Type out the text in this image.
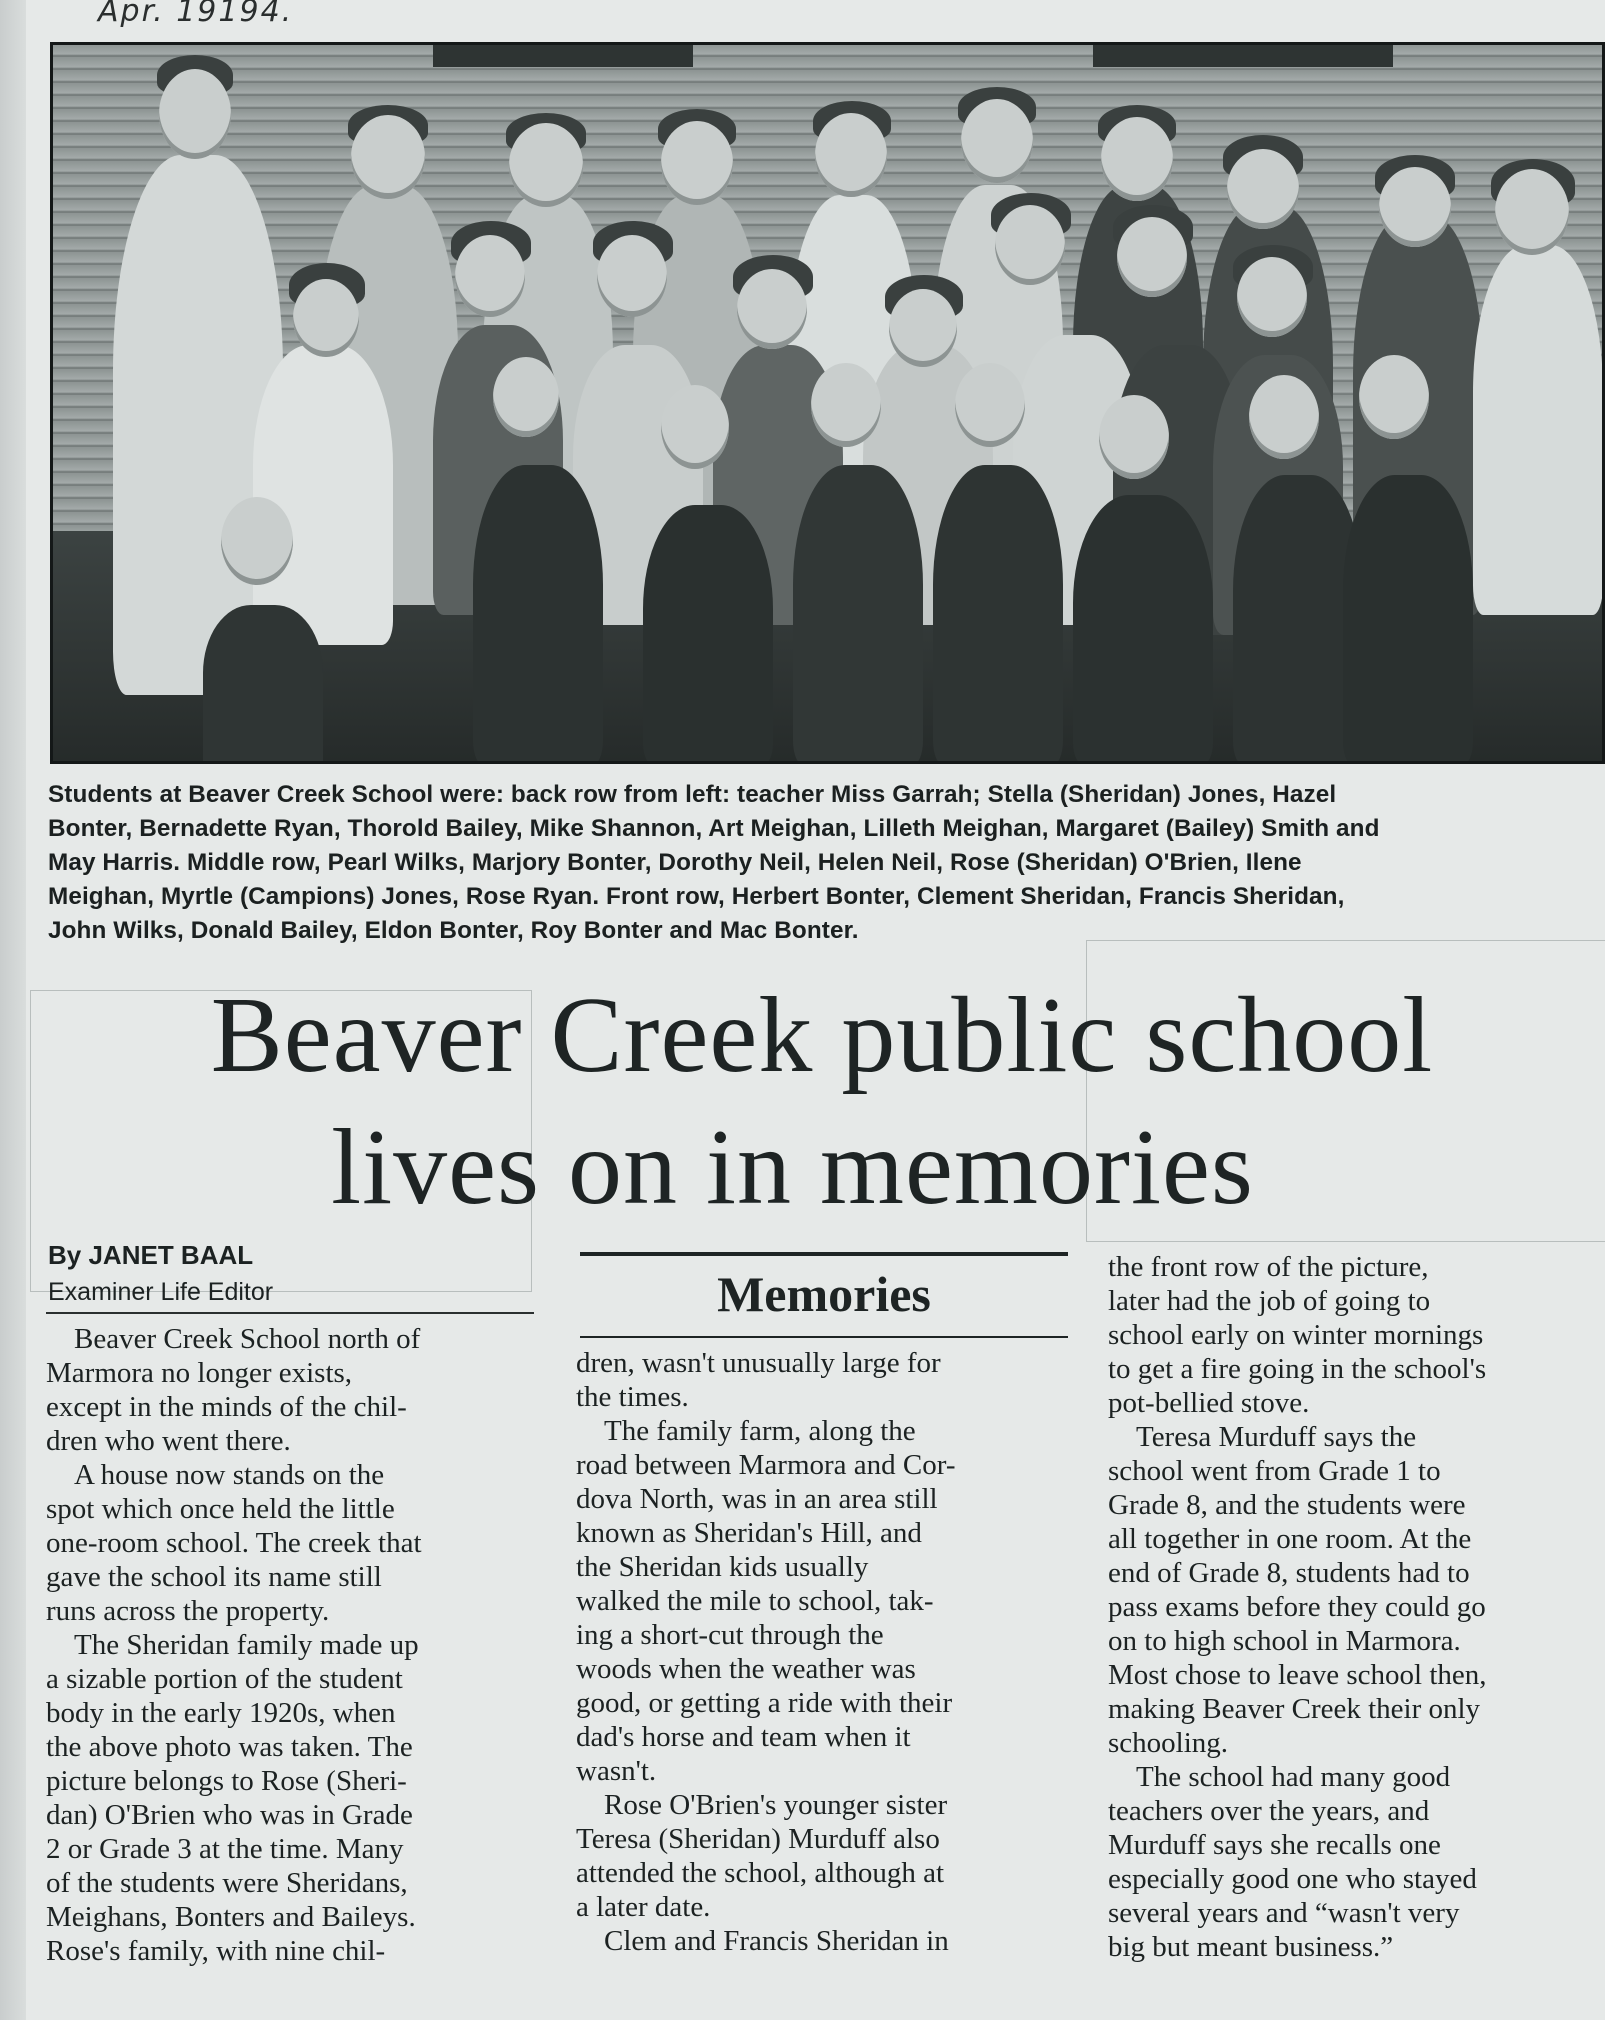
Apr. 19194.
Students at Beaver Creek School were: back row from left: teacher Miss Garrah; Stella (Sheridan) Jones, Hazel
Bonter, Bernadette Ryan, Thorold Bailey, Mike Shannon, Art Meighan, Lilleth Meighan, Margaret (Bailey) Smith and
May Harris. Middle row, Pearl Wilks, Marjory Bonter, Dorothy Neil, Helen Neil, Rose (Sheridan) O'Brien, Ilene
Meighan, Myrtle (Campions) Jones, Rose Ryan. Front row, Herbert Bonter, Clement Sheridan, Francis Sheridan,
John Wilks, Donald Bailey, Eldon Bonter, Roy Bonter and Mac Bonter.
Beaver Creek public school
lives on in memories
By JANET BAAL
Examiner Life Editor	Memories
Beaver Creek School north of
Marmora no longer exists,
except in the minds of the chil-
dren who went there.
A house now stands on the
spot which once held the little
one-room school. The creek that
gave the school its name still
runs across the property.
The Sheridan family made up
a sizable portion of the student
body in the early 1920s, when
the above photo was taken. The
picture belongs to Rose (Sheri-
dan) O'Brien who was in Grade
2 or Grade 3 at the time. Many
of the students were Sheridans,
Meighans, Bonters and Baileys.
Rose's family, with nine chil-
dren, wasn't unusually large for
the times.
The family farm, along the
road between Marmora and Cor-
dova North, was in an area still
known as Sheridan's Hill, and
the Sheridan kids usually
walked the mile to school, tak-
ing a short-cut through the
woods when the weather was
good, or getting a ride with their
dad's horse and team when it
wasn't.
Rose O'Brien's younger sister
Teresa (Sheridan) Murduff also
attended the school, although at
a later date.
Clem and Francis Sheridan in
the front row of the picture,
later had the job of going to
school early on winter mornings
to get a fire going in the school's
pot-bellied stove.
Teresa Murduff says the
school went from Grade 1 to
Grade 8, and the students were
all together in one room. At the
end of Grade 8, students had to
pass exams before they could go
on to high school in Marmora.
Most chose to leave school then,
making Beaver Creek their only
schooling.
The school had many good
teachers over the years, and
Murduff says she recalls one
especially good one who stayed
several years and “wasn't very
big but meant business.”
